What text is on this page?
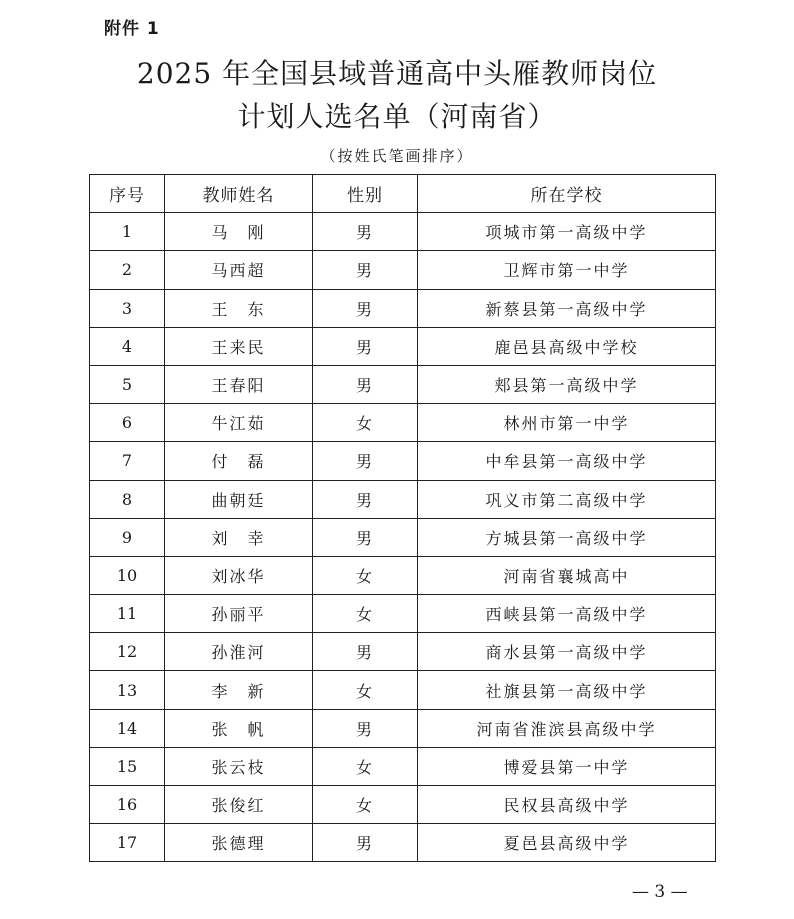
附件 1
2025 年全国县域普通高中头雁教师岗位
计划人选名单（河南省）
（按姓氏笔画排序）
序号	教师姓名	性别	所在学校
1	马　刚	男	项城市第一高级中学
2	马西超	男	卫辉市第一中学
3	王　东	男	新蔡县第一高级中学
4	王来民	男	鹿邑县高级中学校
5	王春阳	男	郏县第一高级中学
6	牛江茹	女	林州市第一中学
7	付　磊	男	中牟县第一高级中学
8	曲朝廷	男	巩义市第二高级中学
9	刘　幸	男	方城县第一高级中学
10	刘冰华	女	河南省襄城高中
11	孙丽平	女	西峡县第一高级中学
12	孙淮河	男	商水县第一高级中学
13	李　新	女	社旗县第一高级中学
14	张　帆	男	河南省淮滨县高级中学
15	张云枝	女	博爱县第一中学
16	张俊红	女	民权县高级中学
17	张德理	男	夏邑县高级中学
— 3 —
